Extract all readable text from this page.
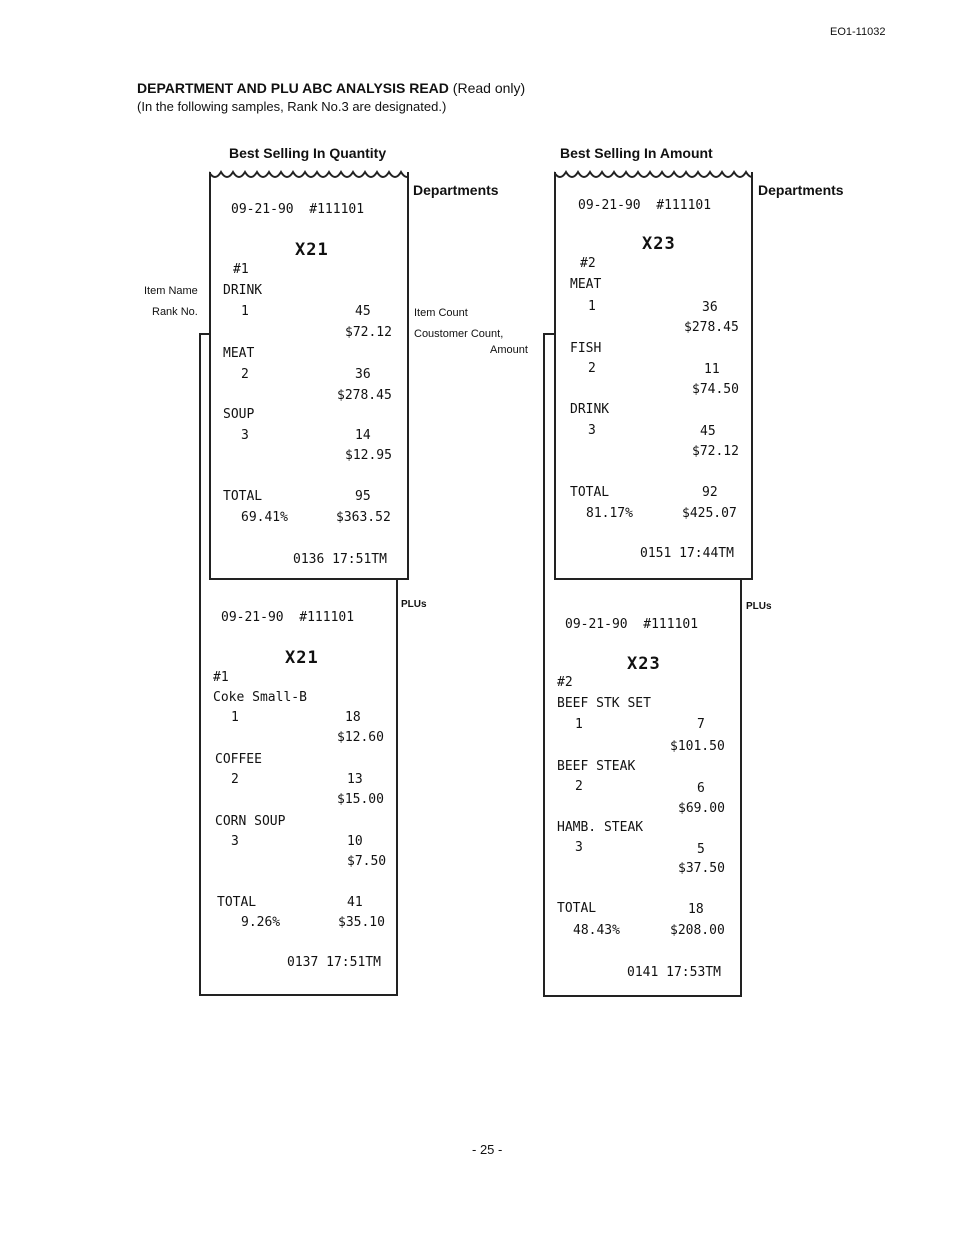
EO1-11032
DEPARTMENT AND PLU ABC ANALYSIS READ (Read only)
(In the following samples, Rank No.3 are designated.)
Best Selling In Quantity	Best Selling In Amount
09-21-90 #111101
X21
#1
Coke Small-B
1	18
$12.60
COFFEE
2	13
$15.00
CORN SOUP
3	10
$7.50
TOTAL	41
9.26%	$35.10
0137 17:51TM
09-21-90 #111101
X21
#1
DRINK
1	45
$72.12
MEAT
2	36
$278.45
SOUP
3	14
$12.95
TOTAL	95
69.41%	$363.52
0136 17:51TM
09-21-90 #111101
X23
#2
BEEF STK SET
1	7
$101.50
BEEF STEAK
2	6
$69.00
HAMB. STEAK
3	5
$37.50
TOTAL	18
48.43%	$208.00
0141 17:53TM
09-21-90 #111101
X23
#2
MEAT
1	36
$278.45
FISH
2	11
$74.50
DRINK
3	45
$72.12
TOTAL	92
81.17%	$425.07
0151 17:44TM
Departments	Departments
PLUs	PLUs
Item Name
Rank No.	Item Count
Coustomer Count,
Amount
- 25 -
